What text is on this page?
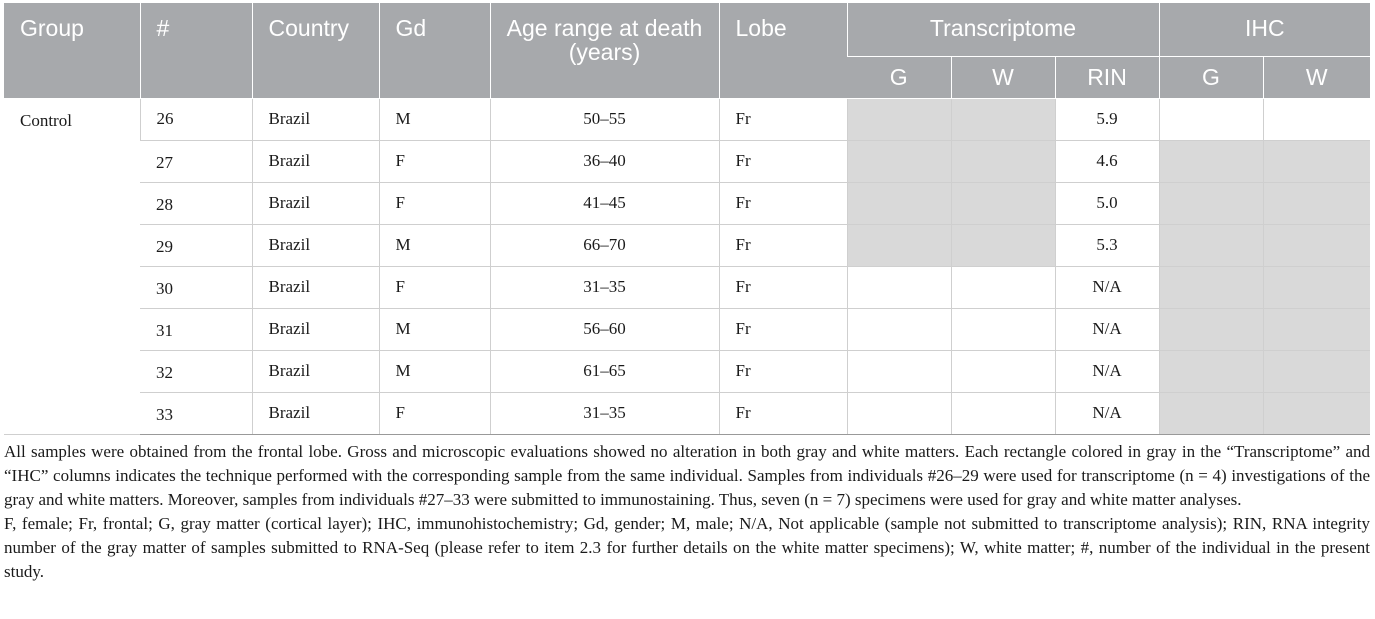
Group	#	Country	Gd	Age range at death (years)	Lobe	Transcriptome			IHC	
						G	W	RIN	G	W
Control	26	Brazil	M	50–55	Fr			5.9		
	27	Brazil	F	36–40	Fr			4.6		
	28	Brazil	F	41–45	Fr			5.0		
	29	Brazil	M	66–70	Fr			5.3		
	30	Brazil	F	31–35	Fr			N/A		
	31	Brazil	M	56–60	Fr			N/A		
	32	Brazil	M	61–65	Fr			N/A		
	33	Brazil	F	31–35	Fr			N/A		

All samples were obtained from the frontal lobe. Gross and microscopic evaluations showed no alteration in both gray and white matters. Each rectangle colored in gray in the “Transcriptome” and “IHC” columns indicates the technique performed with the corresponding sample from the same individual. Samples from individuals #26–29 were used for transcriptome (n = 4) investigations of the gray and white matters. Moreover, samples from individuals #27–33 were submitted to immunostaining. Thus, seven (n = 7) specimens were used for gray and white matter analyses.

F, female; Fr, frontal; G, gray matter (cortical layer); IHC, immunohistochemistry; Gd, gender; M, male; N/A, Not applicable (sample not submitted to transcriptome analysis); RIN, RNA integrity number of the gray matter of samples submitted to RNA-Seq (please refer to item 2.3 for further details on the white matter specimens); W, white matter; #, number of the individual in the present study.
